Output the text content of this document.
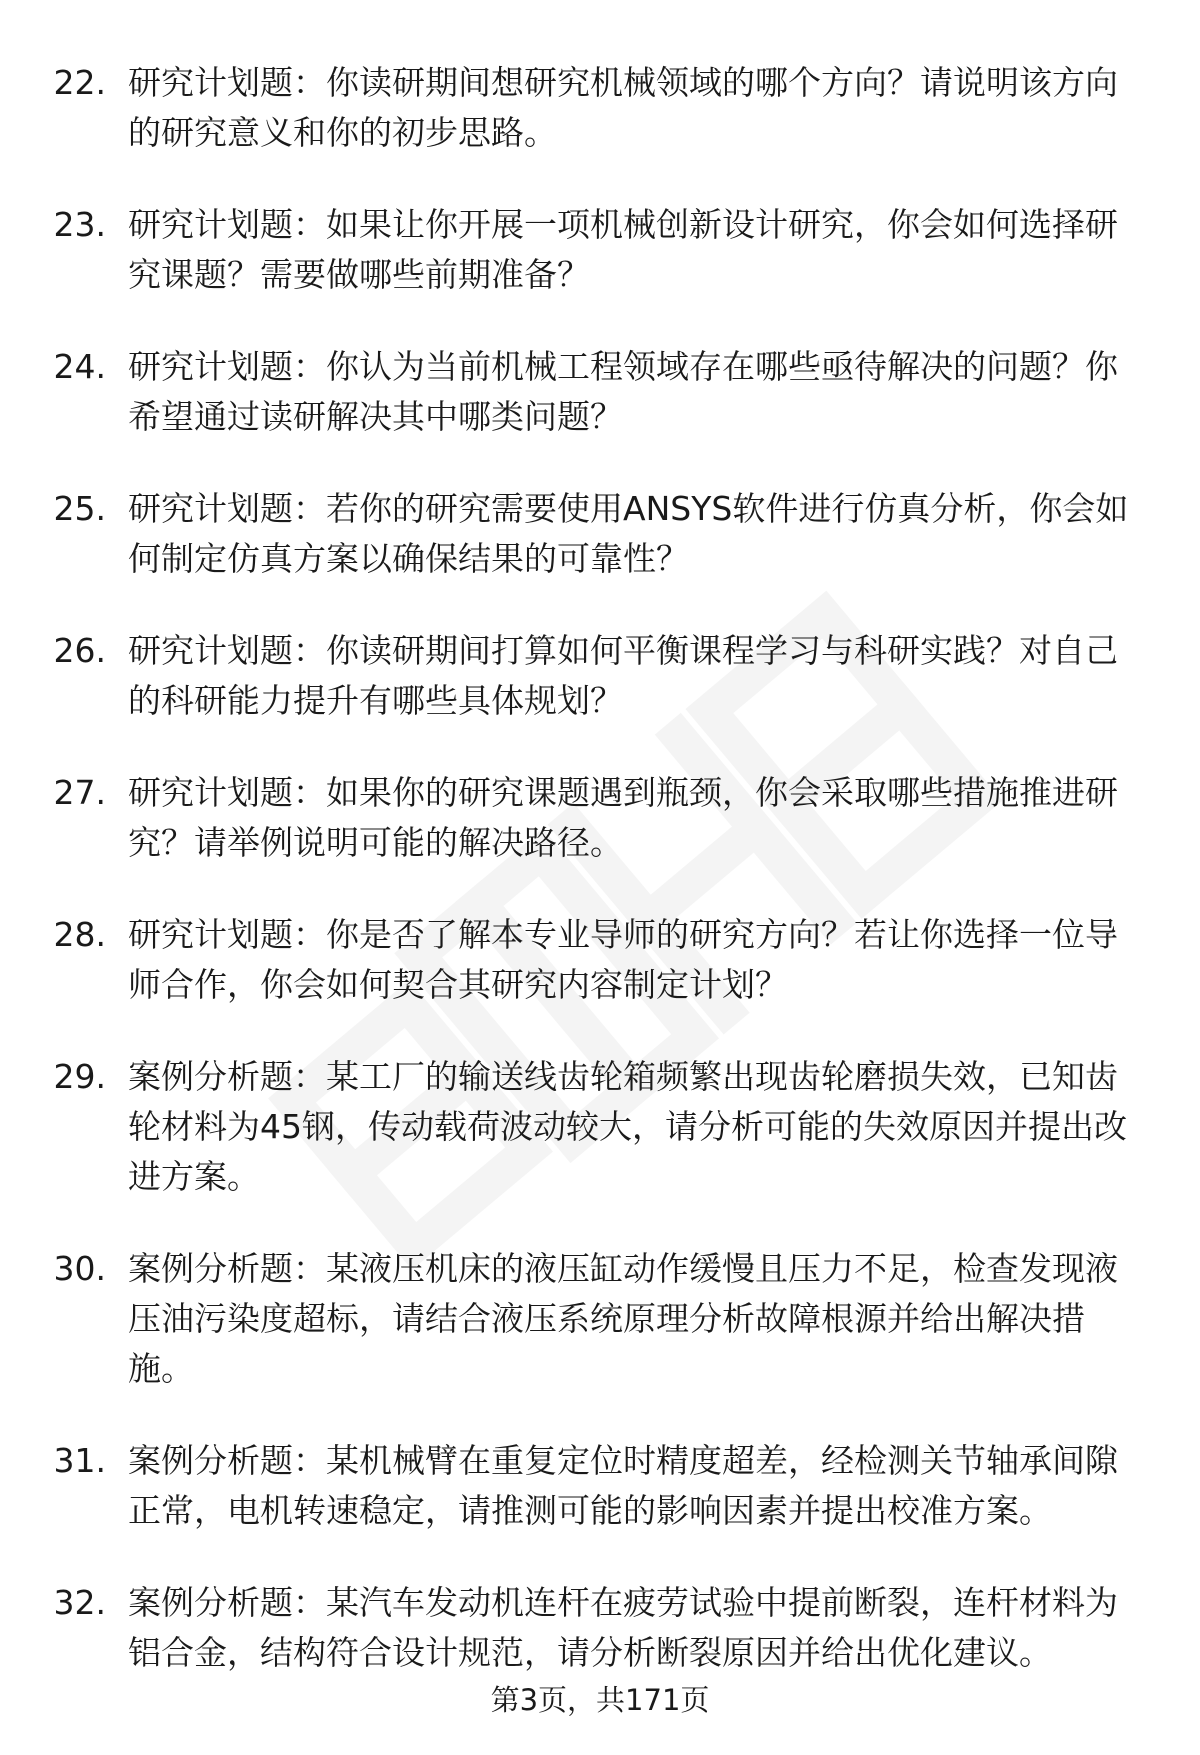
22. 研究计划题：你读研期间想研究机械领域的哪个方向？请说明该方向的研究意义和你的初步思路。
23. 研究计划题：如果让你开展一项机械创新设计研究，你会如何选择研究课题？需要做哪些前期准备？
24. 研究计划题：你认为当前机械工程领域存在哪些亟待解决的问题？你希望通过读研解决其中哪类问题？
25. 研究计划题：若你的研究需要使用ANSYS软件进行仿真分析，你会如何制定仿真方案以确保结果的可靠性？
26. 研究计划题：你读研期间打算如何平衡课程学习与科研实践？对自己的科研能力提升有哪些具体规划？
27. 研究计划题：如果你的研究课题遇到瓶颈，你会采取哪些措施推进研究？请举例说明可能的解决路径。
28. 研究计划题：你是否了解本专业导师的研究方向？若让你选择一位导师合作，你会如何契合其研究内容制定计划？
29. 案例分析题：某工厂的输送线齿轮箱频繁出现齿轮磨损失效，已知齿轮材料为45钢，传动载荷波动较大，请分析可能的失效原因并提出改进方案。
30. 案例分析题：某液压机床的液压缸动作缓慢且压力不足，检查发现液压油污染度超标，请结合液压系统原理分析故障根源并给出解决措施。
31. 案例分析题：某机械臂在重复定位时精度超差，经检测关节轴承间隙正常，电机转速稳定，请推测可能的影响因素并提出校准方案。
32. 案例分析题：某汽车发动机连杆在疲劳试验中提前断裂，连杆材料为铝合金，结构符合设计规范，请分析断裂原因并给出优化建议。
第3页，共171页
